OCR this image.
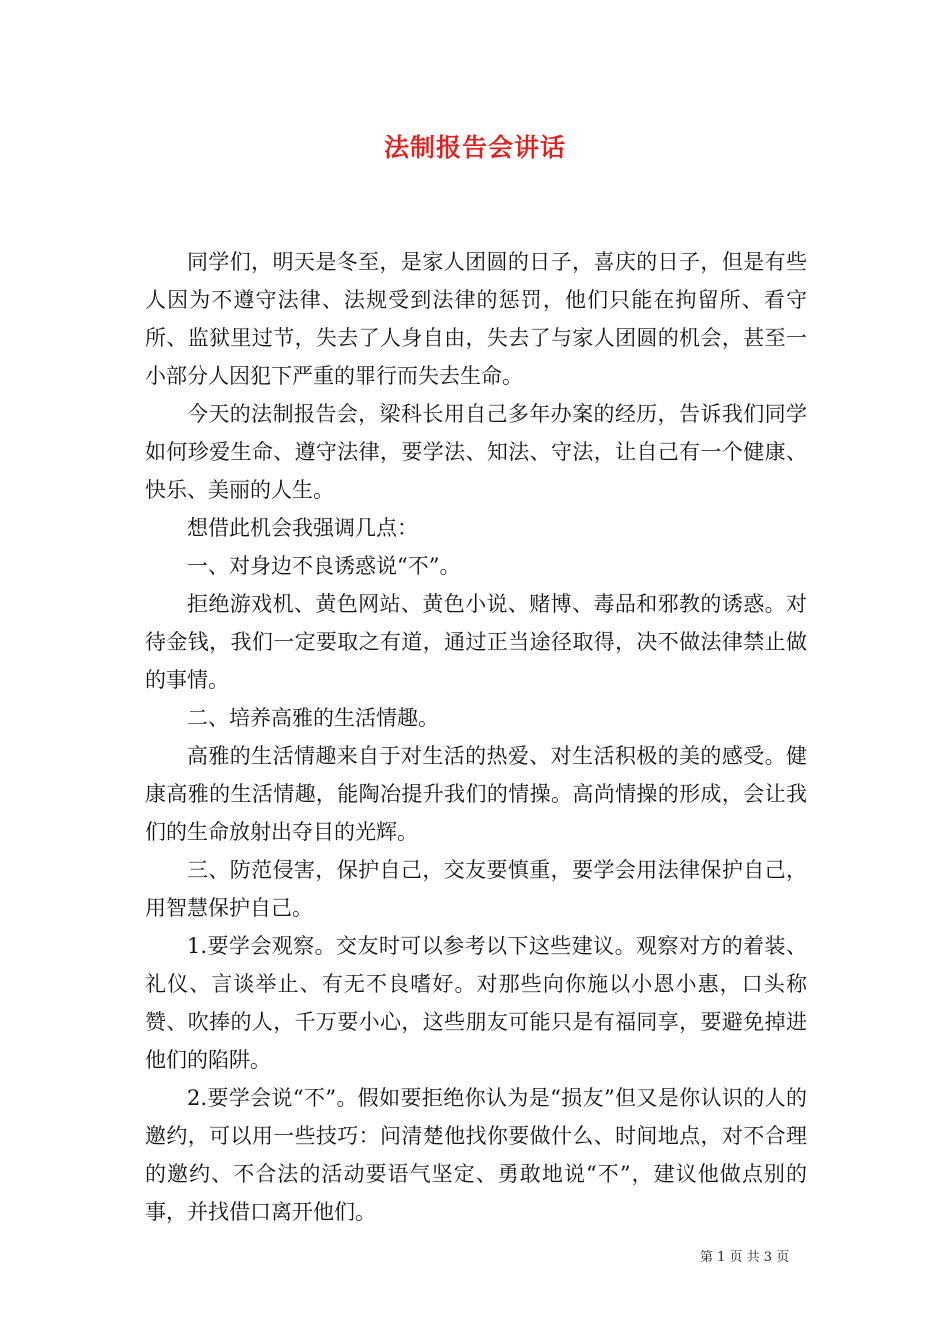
法制报告会讲话

同学们，明天是冬至，是家人团圆的日子，喜庆的日子，但是有些人因为不遵守法律、法规受到法律的惩罚，他们只能在拘留所、看守所、监狱里过节，失去了人身自由，失去了与家人团圆的机会，甚至一小部分人因犯下严重的罪行而失去生命。

今天的法制报告会，梁科长用自己多年办案的经历，告诉我们同学如何珍爱生命、遵守法律，要学法、知法、守法，让自己有一个健康、快乐、美丽的人生。

想借此机会我强调几点：

一、对身边不良诱惑说“不”。

拒绝游戏机、黄色网站、黄色小说、赌博、毒品和邪教的诱惑。对待金钱，我们一定要取之有道，通过正当途径取得，决不做法律禁止做的事情。

二、培养高雅的生活情趣。

高雅的生活情趣来自于对生活的热爱、对生活积极的美的感受。健康高雅的生活情趣，能陶冶提升我们的情操。高尚情操的形成，会让我们的生命放射出夺目的光辉。

三、防范侵害，保护自己，交友要慎重，要学会用法律保护自己，用智慧保护自己。

1.要学会观察。交友时可以参考以下这些建议。观察对方的着装、礼仪、言谈举止、有无不良嗜好。对那些向你施以小恩小惠，口头称赞、吹捧的人，千万要小心，这些朋友可能只是有福同享，要避免掉进他们的陷阱。

2.要学会说“不”。假如要拒绝你认为是“损友”但又是你认识的人的邀约，可以用一些技巧：问清楚他找你要做什么、时间地点，对不合理的邀约、不合法的活动要语气坚定、勇敢地说“不”，建议他做点别的事，并找借口离开他们。

第 1 页 共 3 页
